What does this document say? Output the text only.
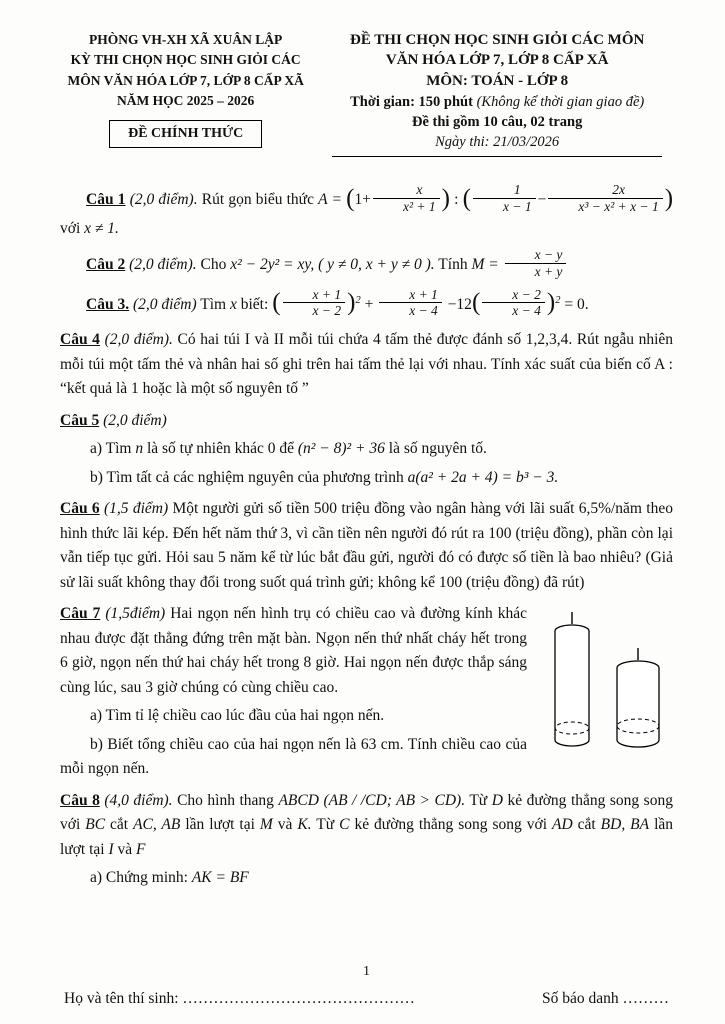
PHÒNG VH-XH XÃ XUÂN LẬP
KỲ THI CHỌN HỌC SINH GIỎI CÁC
MÔN VĂN HÓA LỚP 7, LỚP 8 CẤP XÃ
NĂM HỌC 2025 – 2026
ĐỀ CHÍNH THỨC
ĐỀ THI CHỌN HỌC SINH GIỎI CÁC MÔN
VĂN HÓA LỚP 7, LỚP 8 CẤP XÃ
MÔN: TOÁN - LỚP 8
Thời gian: 150 phút (Không kể thời gian giao đề)
Đề thi gồm 10 câu, 02 trang
Ngày thi: 21/03/2026

Câu 1 (2,0 điểm). Rút gọn biểu thức $A = (1+ \frac{x}{\text{x² + 1}}$ ) : ( $\frac{1}{x - 1} - \frac{2x}{\text{x³ − x² + x − 1}}$ ) với x ≠ 1.

Câu 2 (2,0 điểm). Cho x² − 2y² = xy, ( y ≠ 0, x + y ≠ 0 ). Tính $M = \frac{x - y}{x + y}$

Câu 3. (2,0 điểm) Tìm x biết: ( $\frac{x + 1}{x - 2} )^2 + \frac{x + 1}{x - 4} -12( \frac{x - 2}{x - 4} )^2 = 0$.

Câu 4 (2,0 điểm). Có hai túi I và II mỗi túi chứa 4 tấm thẻ được đánh số 1,2,3,4. Rút ngẫu nhiên mỗi túi một tấm thẻ và nhân hai số ghi trên hai tấm thẻ lại với nhau. Tính xác suất của biến cố A : “kết quả là 1 hoặc là một số nguyên tố ”

Câu 5 (2,0 điểm)

a) Tìm n là số tự nhiên khác 0 để (n² − 8)² + 36 là số nguyên tố.

b) Tìm tất cả các nghiệm nguyên của phương trình a(a² + 2a + 4) = b³ − 3.

Câu 6 (1,5 điểm) Một người gửi số tiền 500 triệu đồng vào ngân hàng với lãi suất 6,5%/năm theo hình thức lãi kép. Đến hết năm thứ 3, vì cần tiền nên người đó rút ra 100 (triệu đồng), phần còn lại vẫn tiếp tục gửi. Hỏi sau 5 năm kể từ lúc bắt đầu gửi, người đó có được số tiền là bao nhiêu? (Giả sử lãi suất không thay đổi trong suốt quá trình gửi; không kể 100 (triệu đồng) đã rút)

Câu 7 (1,5điểm) Hai ngọn nến hình trụ có chiều cao và đường kính khác nhau được đặt thẳng đứng trên mặt bàn. Ngọn nến thứ nhất cháy hết trong 6 giờ, ngọn nến thứ hai cháy hết trong 8 giờ. Hai ngọn nến được thắp sáng cùng lúc, sau 3 giờ chúng có cùng chiều cao.

a) Tìm tỉ lệ chiều cao lúc đầu của hai ngọn nến.

b) Biết tổng chiều cao của hai ngọn nến là 63 cm. Tính chiều cao của mỗi ngọn nến.

Câu 8 (4,0 điểm). Cho hình thang ABCD (AB / /CD; AB > CD). Từ D kẻ đường thẳng song song với BC cắt AC, AB lần lượt tại M và K. Từ C kẻ đường thẳng song song với AD cắt BD, BA lần lượt tại I và F

a) Chứng minh: AK = BF

1
Họ và tên thí sinh: ………………………………………	Số báo danh ………
